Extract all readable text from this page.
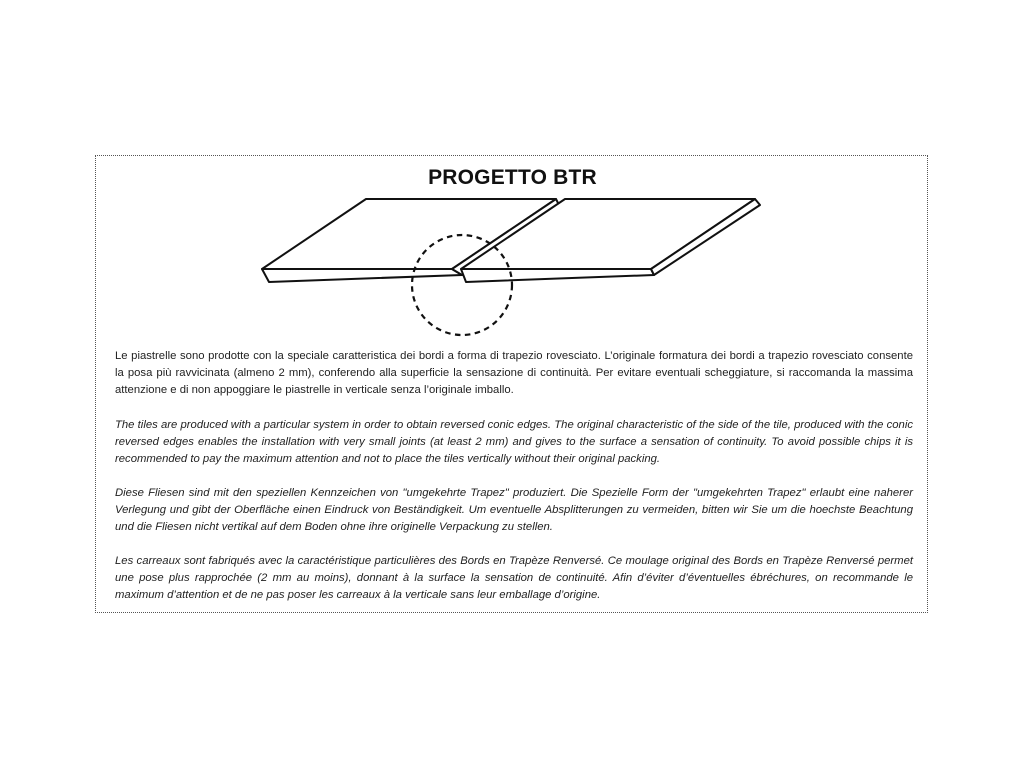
PROGETTO BTR
Le piastrelle sono prodotte con la speciale caratteristica dei bordi a forma di trapezio rovesciato. L’originale formatura dei bordi a trapezio rovesciato consente la posa più ravvicinata (almeno 2 mm), conferendo alla superficie la sensazione di continuità. Per evitare eventuali scheggiature, si raccomanda la massima attenzione e di non appoggiare le piastrelle in verticale senza l’originale imballo.
The tiles are produced with a particular system in order to obtain reversed conic edges. The original characteristic of the side of the tile, produced with the conic reversed edges enables the installation with very small joints (at least 2 mm) and gives to the surface a sensation of continuity. To avoid possible chips it is recommended to pay the maximum attention and not to place the tiles vertically without their original packing.
Diese Fliesen sind mit den speziellen Kennzeichen von "umgekehrte Trapez" produziert. Die Spezielle Form der "umgekehrten Trapez" erlaubt eine naherer Verlegung und gibt der Oberfläche einen Eindruck von Beständigkeit. Um eventuelle Absplitterungen zu vermeiden, bitten wir Sie um die hoechste Beachtung und die Fliesen nicht vertikal auf dem Boden ohne ihre originelle Verpackung zu stellen.
Les carreaux sont fabriqués avec la caractéristique particulières des Bords en Trapèze Renversé. Ce moulage original des Bords en Trapèze Renversé permet une pose plus rapprochée (2 mm au moins), donnant à la surface la sensation de continuité. Afin d’éviter d’éventuelles ébréchures, on recommande le maximum d’attention et de ne pas poser les carreaux à la verticale sans leur emballage d’origine.
